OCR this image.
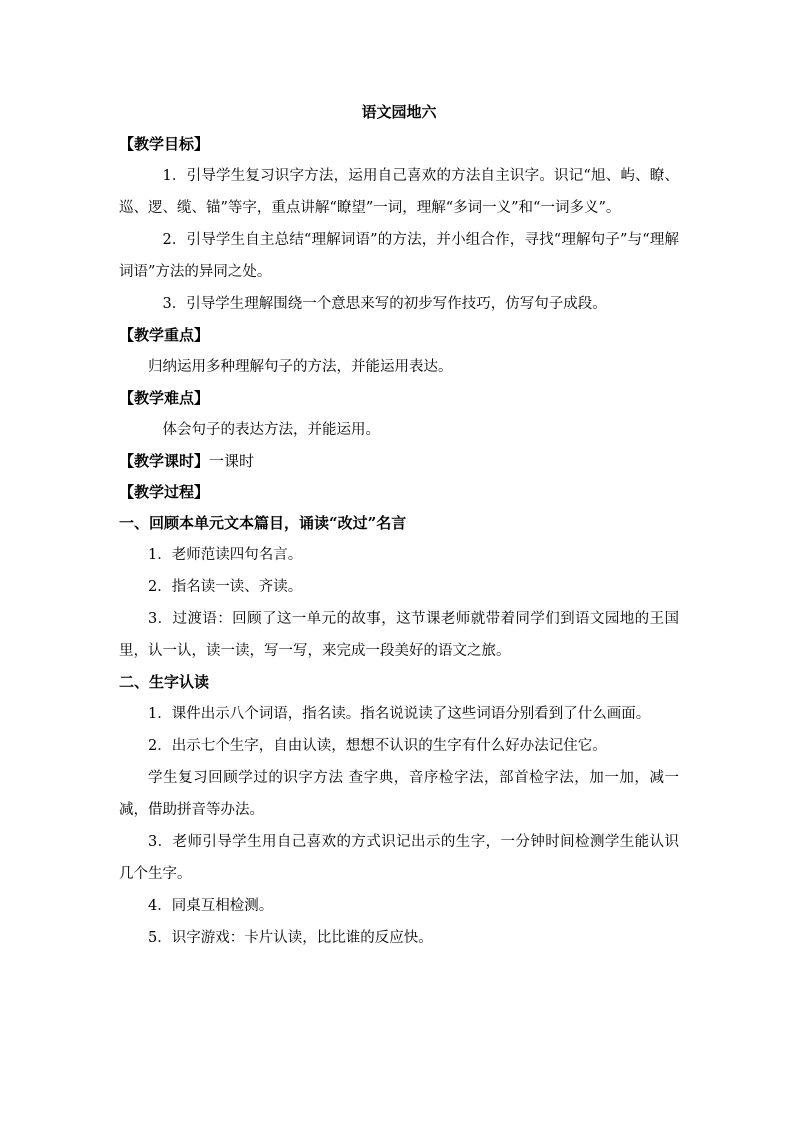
语文园地六
【教学目标】
1．引导学生复习识字方法，运用自己喜欢的方法自主识字。识记“旭、屿、瞭、巡、逻、缆、锚”等字，重点讲解“瞭望”一词，理解“多词一义”和“一词多义”。
2．引导学生自主总结“理解词语”的方法，并小组合作，寻找“理解句子”与“理解词语”方法的异同之处。
3．引导学生理解围绕一个意思来写的初步写作技巧，仿写句子成段。
【教学重点】
归纳运用多种理解句子的方法，并能运用表达。
【教学难点】
体会句子的表达方法，并能运用。
【教学课时】一课时
【教学过程】
一、回顾本单元文本篇目，诵读“改过”名言
1．老师范读四句名言。
2．指名读一读、齐读。
3．过渡语：回顾了这一单元的故事，这节课老师就带着同学们到语文园地的王国里，认一认，读一读，写一写，来完成一段美好的语文之旅。
二、生字认读
1．课件出示八个词语，指名读。指名说说读了这些词语分别看到了什么画面。
2．出示七个生字，自由认读，想想不认识的生字有什么好办法记住它。
学生复习回顾学过的识字方法 查字典，音序检字法，部首检字法，加一加，减一减，借助拼音等办法。
3．老师引导学生用自己喜欢的方式识记出示的生字，一分钟时间检测学生能认识几个生字。
4．同桌互相检测。
5．识字游戏：卡片认读，比比谁的反应快。
